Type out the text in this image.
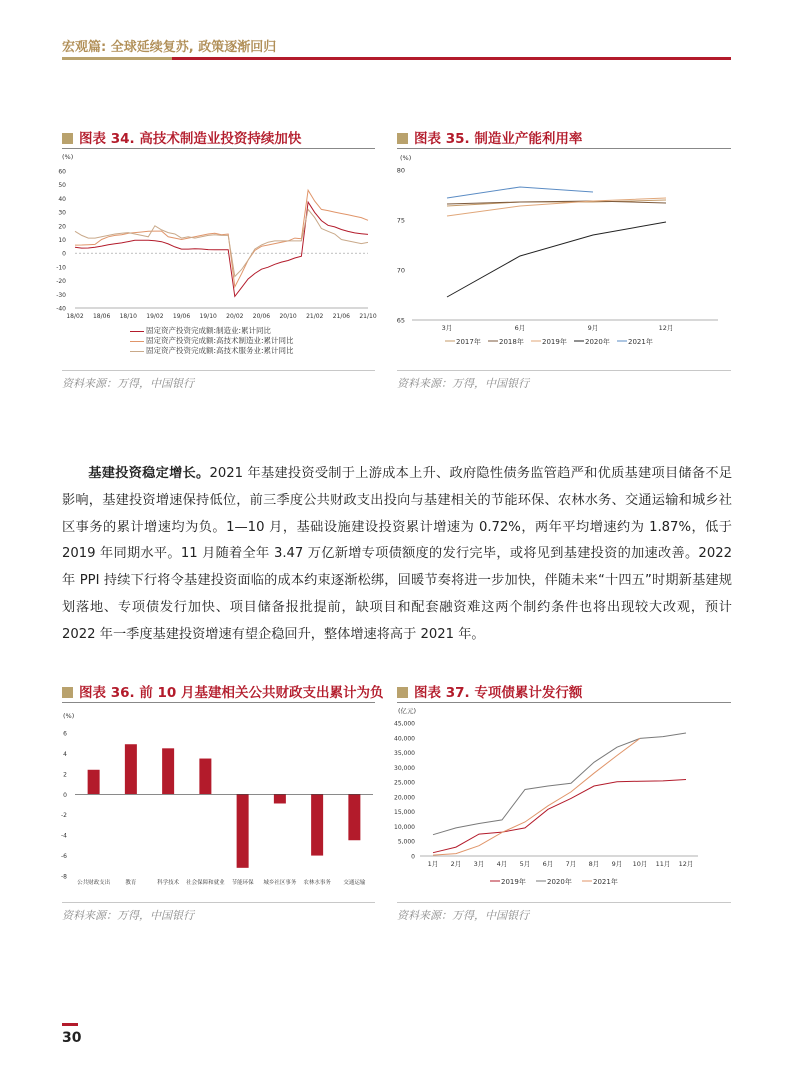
宏观篇: 全球延续复苏, 政策逐渐回归
图表 34. 高技术制造业投资持续加快
(%)
60
50
40
30
20
10
0
-10
-20
-30
-40
18/02 18/06 18/10 19/02 19/06 19/10 20/02 20/06 20/10 21/02 21/06 21/10
固定资产投资完成额:制造业:累计同比
固定资产投资完成额:高技术制造业:累计同比
固定资产投资完成额:高技术服务业:累计同比
资料来源：万得，中国银行
图表 35. 制造业产能利用率
(%)
80
75
70
65
3月	6月	9月	12月
2017年	2018年	2019年	2020年	2021年
资料来源：万得，中国银行
基建投资稳定增长。2021 年基建投资受制于上游成本上升、政府隐性债务监管趋严和优质基建项目储备不足影响，基建投资增速保持低位，前三季度公共财政支出投向与基建相关的节能环保、农林水务、交通运输和城乡社区事务的累计增速均为负。1—10 月，基础设施建设投资累计增速为 0.72%，两年平均增速约为 1.87%，低于 2019 年同期水平。11 月随着全年 3.47 万亿新增专项债额度的发行完毕，或将见到基建投资的加速改善。2022 年 PPI 持续下行将令基建投资面临的成本约束逐渐松绑，回暖节奏将进一步加快，伴随未来“十四五”时期新基建规划落地、专项债发行加快、项目储备报批提前，缺项目和配套融资难这两个制约条件也将出现较大改观，预计 2022 年一季度基建投资增速有望企稳回升，整体增速将高于 2021 年。
图表 36. 前 10 月基建相关公共财政支出累计为负
(%)
6
4
2
0
-2
-4
-6
-8
公共财政支出	教育	科学技术 社会保障和就业 节能环保 城乡社区事务 农林水事务 交通运输
资料来源：万得，中国银行
图表 37. 专项债累计发行额
(亿元)
45,000
40,000
35,000
30,000
25,000
20,000
15,000
10,000
5,000
0
1月 2月 3月 4月 5月 6月 7月 8月 9月 10月 11月 12月
2019年	2020年	2021年
资料来源：万得，中国银行
30
